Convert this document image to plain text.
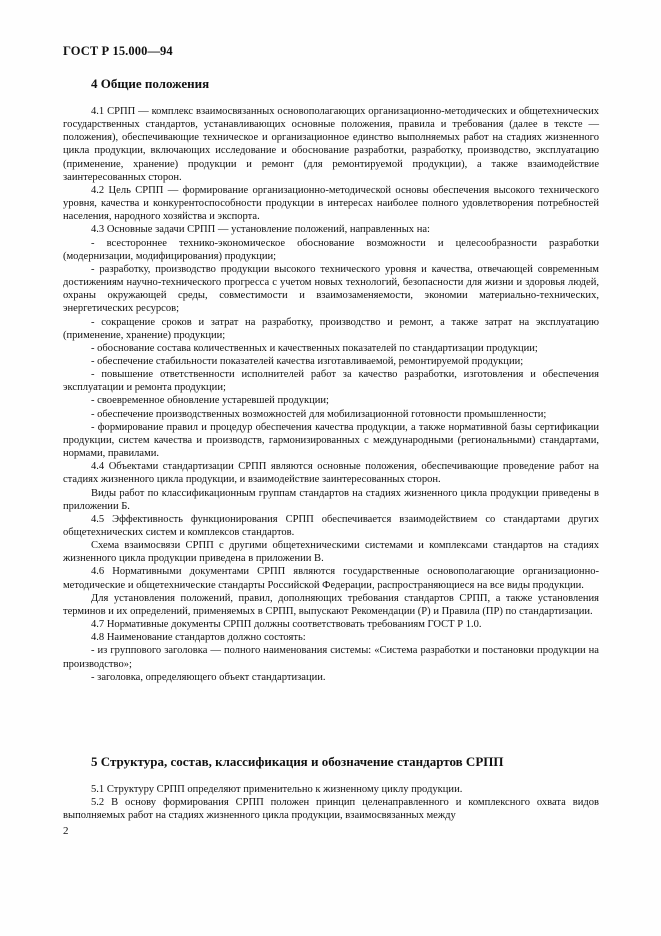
ГОСТ Р 15.000—94
4 Общие положения

4.1 СРПП — комплекс взаимосвязанных основополагающих организационно-методических и общетехнических государственных стандартов, устанавливающих основные положения, правила и требования (далее в тексте — положения), обеспечивающие техническое и организационное единство выполняемых работ на стадиях жизненного цикла продукции, включающих исследование и обоснование разработки, разработку, производство, эксплуатацию (применение, хранение) продукции и ремонт (для ремонтируемой продукции), а также взаимодействие заинтересованных сторон.

4.2 Цель СРПП — формирование организационно-методической основы обеспечения высокого технического уровня, качества и конкурентоспособности продукции в интересах наиболее полного удовлетворения потребностей населения, народного хозяйства и экспорта.

4.3 Основные задачи СРПП — установление положений, направленных на:

- всестороннее технико-экономическое обоснование возможности и целесообразности разработки (модернизации, модифицирования) продукции;

- разработку, производство продукции высокого технического уровня и качества, отвечающей современным достижениям научно-технического прогресса с учетом новых технологий, безопасности для жизни и здоровья людей, охраны окружающей среды, совместимости и взаимозаменяемости, экономии материально-технических, энергетических ресурсов;

- сокращение сроков и затрат на разработку, производство и ремонт, а также затрат на эксплуатацию (применение, хранение) продукции;

- обоснование состава количественных и качественных показателей по стандартизации продукции;

- обеспечение стабильности показателей качества изготавливаемой, ремонтируемой продукции;

- повышение ответственности исполнителей работ за качество разработки, изготовления и обеспечения эксплуатации и ремонта продукции;

- своевременное обновление устаревшей продукции;

- обеспечение производственных возможностей для мобилизационной готовности промышленности;

- формирование правил и процедур обеспечения качества продукции, а также нормативной базы сертификации продукции, систем качества и производств, гармонизированных с международными (региональными) стандартами, нормами, правилами.

4.4 Объектами стандартизации СРПП являются основные положения, обеспечивающие проведение работ на стадиях жизненного цикла продукции, и взаимодействие заинтересованных сторон.

Виды работ по классификационным группам стандартов на стадиях жизненного цикла продукции приведены в приложении Б.

4.5 Эффективность функционирования СРПП обеспечивается взаимодействием со стандартами других общетехнических систем и комплексов стандартов.

Схема взаимосвязи СРПП с другими общетехническими системами и комплексами стандартов на стадиях жизненного цикла продукции приведена в приложении В.

4.6 Нормативными документами СРПП являются государственные основополагающие организационно-методические и общетехнические стандарты Российской Федерации, распространяющиеся на все виды продукции.

Для установления положений, правил, дополняющих требования стандартов СРПП, а также установления терминов и их определений, применяемых в СРПП, выпускают Рекомендации (Р) и Правила (ПР) по стандартизации.

4.7 Нормативные документы СРПП должны соответствовать требованиям ГОСТ Р 1.0.

4.8 Наименование стандартов должно состоять:

- из группового заголовка — полного наименования системы: «Система разработки и постановки продукции на производство»;

- заголовка, определяющего объект стандартизации.

5 Структура, состав, классификация и обозначение стандартов СРПП

5.1 Структуру СРПП определяют применительно к жизненному циклу продукции.

5.2 В основу формирования СРПП положен принцип целенаправленного и комплексного охвата видов выполняемых работ на стадиях жизненного цикла продукции, взаимосвязанных между

2
